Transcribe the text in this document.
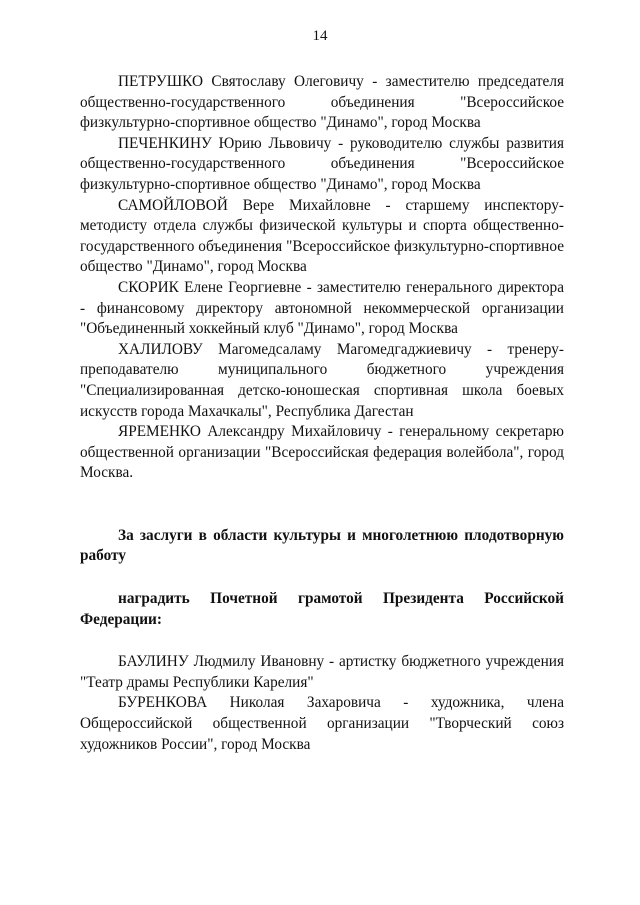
14

ПЕТРУШКО Святославу Олеговичу - заместителю председателя общественно-государственного объединения "Всероссийское физкультурно-спортивное общество "Динамо", город Москва

ПЕЧЕНКИНУ Юрию Львовичу - руководителю службы развития общественно-государственного объединения "Всероссийское физкультурно-спортивное общество "Динамо", город Москва

САМОЙЛОВОЙ Вере Михайловне - старшему инспектору-методисту отдела службы физической культуры и спорта общественно-государственного объединения "Всероссийское физкультурно-спортивное общество "Динамо", город Москва

СКОРИК Елене Георгиевне - заместителю генерального директора - финансовому директору автономной некоммерческой организации "Объединенный хоккейный клуб "Динамо", город Москва

ХАЛИЛОВУ Магомедсаламу Магомедгаджиевичу - тренеру-преподавателю муниципального бюджетного учреждения "Специализированная детско-юношеская спортивная школа боевых искусств города Махачкалы", Республика Дагестан

ЯРЕМЕНКО Александру Михайловичу - генеральному секретарю общественной организации "Всероссийская федерация волейбола", город Москва.

За заслуги в области культуры и многолетнюю плодотворную работу

наградить Почетной грамотой Президента Российской Федерации:

БАУЛИНУ Людмилу Ивановну - артистку бюджетного учреждения "Театр драмы Республики Карелия"

БУРЕНКОВА Николая Захаровича - художника, члена Общероссийской общественной организации "Творческий союз художников России", город Москва
